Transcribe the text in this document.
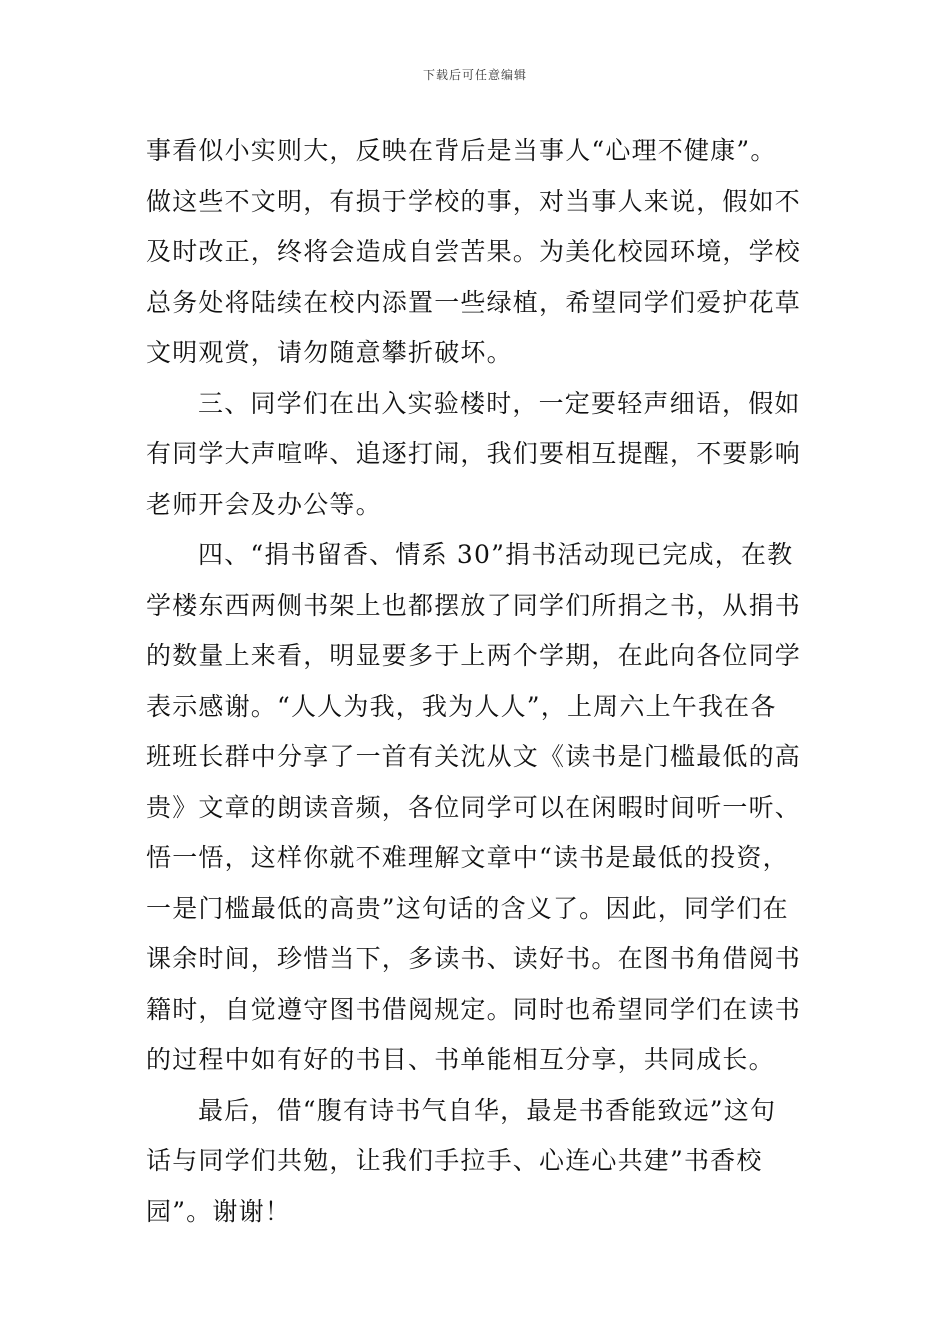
下载后可任意编辑
事看似小实则大，反映在背后是当事人“心理不健康”。
做这些不文明，有损于学校的事，对当事人来说，假如不
及时改正，终将会造成自尝苦果。为美化校园环境，学校
总务处将陆续在校内添置一些绿植，希望同学们爱护花草
文明观赏，请勿随意攀折破坏。
三、同学们在出入实验楼时，一定要轻声细语，假如
有同学大声喧哗、追逐打闹，我们要相互提醒，不要影响
老师开会及办公等。
四、“捐书留香、情系 30”捐书活动现已完成，在教
学楼东西两侧书架上也都摆放了同学们所捐之书，从捐书
的数量上来看，明显要多于上两个学期，在此向各位同学
表示感谢。“人人为我，我为人人”，上周六上午我在各
班班长群中分享了一首有关沈从文《读书是门槛最低的高
贵》文章的朗读音频，各位同学可以在闲暇时间听一听、
悟一悟，这样你就不难理解文章中“读书是最低的投资，
一是门槛最低的高贵”这句话的含义了。因此，同学们在
课余时间，珍惜当下，多读书、读好书。在图书角借阅书
籍时，自觉遵守图书借阅规定。同时也希望同学们在读书
的过程中如有好的书目、书单能相互分享，共同成长。
最后，借“腹有诗书气自华，最是书香能致远”这句
话与同学们共勉，让我们手拉手、心连心共建”书香校
园”。谢谢！
